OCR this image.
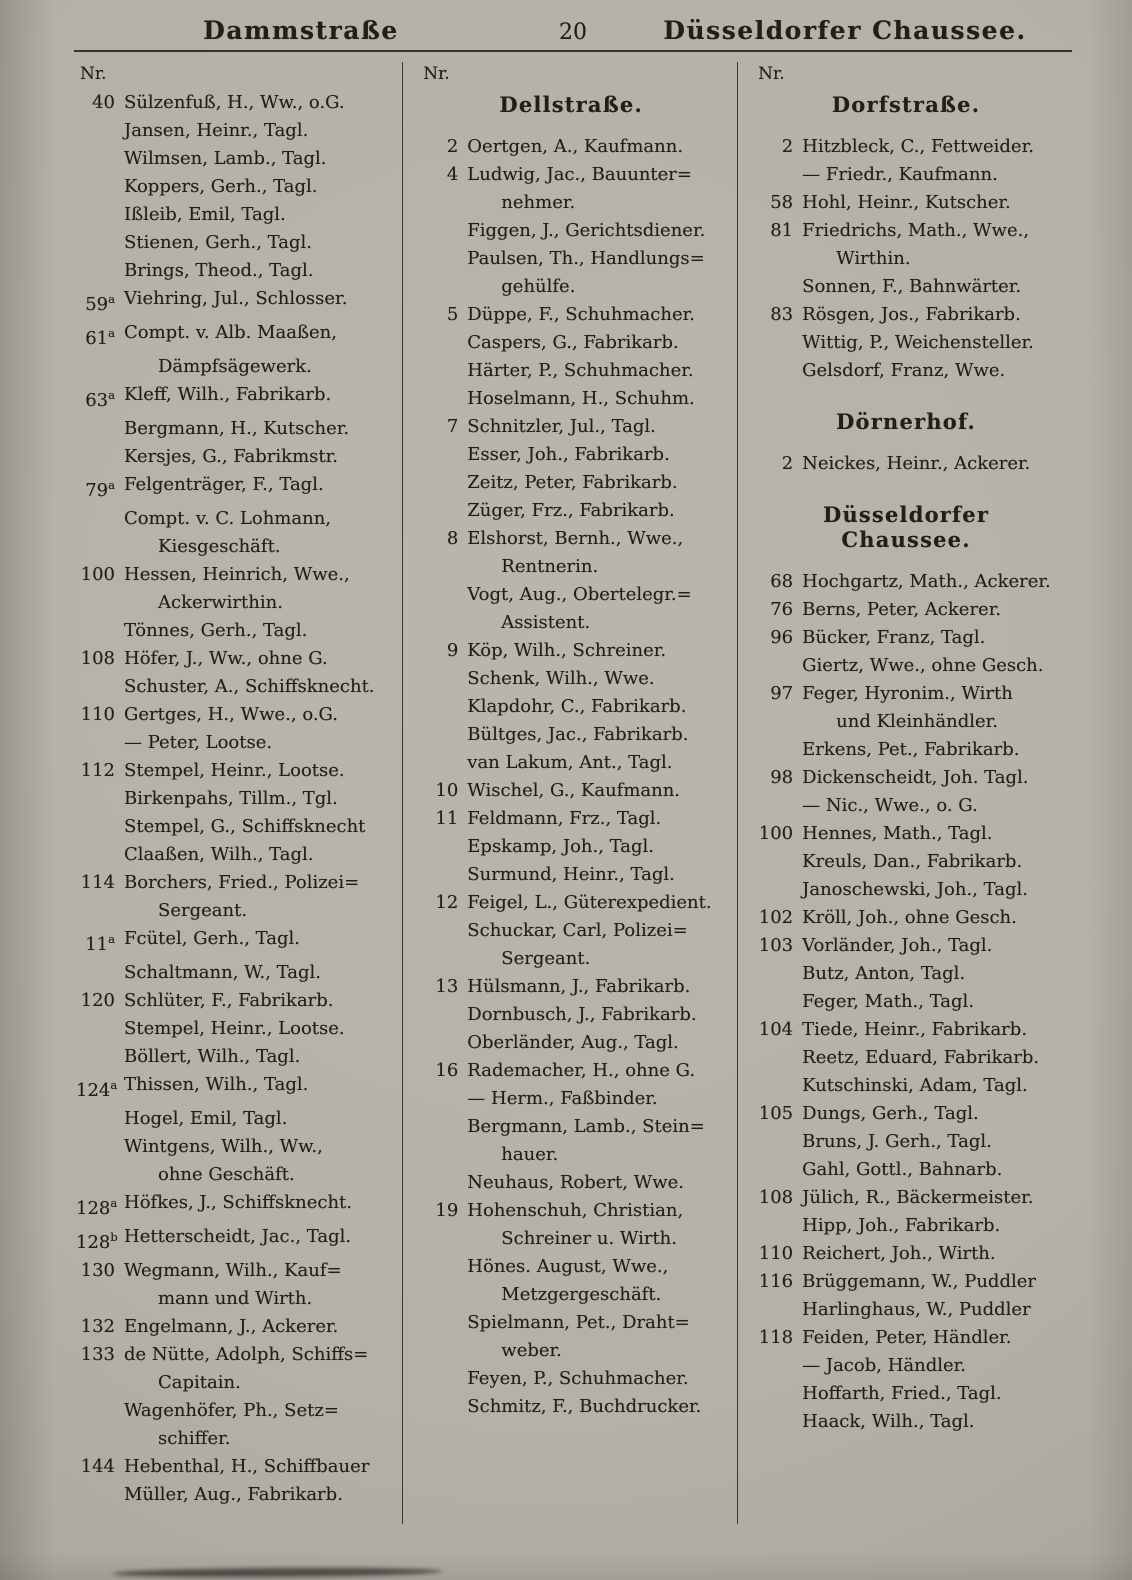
Dammstraße	20	Düsseldorfer Chaussee.
Nr.
40 Sülzenfuß, H., Ww., o.G.
Jansen, Heinr., Tagl.
Wilmsen, Lamb., Tagl.
Koppers, Gerh., Tagl.
Ißleib, Emil, Tagl.
Stienen, Gerh., Tagl.
Brings, Theod., Tagl.
59$^a$ Viehring, Jul., Schlosser.
61$^a$ Compt. v. Alb. Maaßen,
Dämpfsägewerk.
63$^a$ Kleff, Wilh., Fabrikarb.
Bergmann, H., Kutscher.
Kersjes, G., Fabrikmstr.
79$^a$ Felgenträger, F., Tagl.
Compt. v. C. Lohmann,
Kiesgeschäft.
100 Hessen, Heinrich, Wwe.,
Ackerwirthin.
Tönnes, Gerh., Tagl.
108 Höfer, J., Ww., ohne G.
Schuster, A., Schiffsknecht.
110 Gertges, H., Wwe., o.G.
— Peter, Lootse.
112 Stempel, Heinr., Lootse.
Birkenpahs, Tillm., Tgl.
Stempel, G., Schiffsknecht
Claaßen, Wilh., Tagl.
114 Borchers, Fried., Polizei=
Sergeant.
11$^a$ Fcütel, Gerh., Tagl.
Schaltmann, W., Tagl.
120 Schlüter, F., Fabrikarb.
Stempel, Heinr., Lootse.
Böllert, Wilh., Tagl.
124$^a$ Thissen, Wilh., Tagl.
Hogel, Emil, Tagl.
Wintgens, Wilh., Ww.,
ohne Geschäft.
128$^a$ Höfkes, J., Schiffsknecht.
128$^b$ Hetterscheidt, Jac., Tagl.
130 Wegmann, Wilh., Kauf=
mann und Wirth.
132 Engelmann, J., Ackerer.
133 de Nütte, Adolph, Schiffs=
Capitain.
Wagenhöfer, Ph., Setz=
schiffer.
144 Hebenthal, H., Schiffbauer
Müller, Aug., Fabrikarb.
Nr.
Dellstraße.
2 Oertgen, A., Kaufmann.
4 Ludwig, Jac., Bauunter=
nehmer.
Figgen, J., Gerichtsdiener.
Paulsen, Th., Handlungs=
gehülfe.
5 Düppe, F., Schuhmacher.
Caspers, G., Fabrikarb.
Härter, P., Schuhmacher.
Hoselmann, H., Schuhm.
7 Schnitzler, Jul., Tagl.
Esser, Joh., Fabrikarb.
Zeitz, Peter, Fabrikarb.
Züger, Frz., Fabrikarb.
8 Elshorst, Bernh., Wwe.,
Rentnerin.
Vogt, Aug., Obertelegr.=
Assistent.
9 Köp, Wilh., Schreiner.
Schenk, Wilh., Wwe.
Klapdohr, C., Fabrikarb.
Bültges, Jac., Fabrikarb.
van Lakum, Ant., Tagl.
10 Wischel, G., Kaufmann.
11 Feldmann, Frz., Tagl.
Epskamp, Joh., Tagl.
Surmund, Heinr., Tagl.
12 Feigel, L., Güterexpedient.
Schuckar, Carl, Polizei=
Sergeant.
13 Hülsmann, J., Fabrikarb.
Dornbusch, J., Fabrikarb.
Oberländer, Aug., Tagl.
16 Rademacher, H., ohne G.
— Herm., Faßbinder.
Bergmann, Lamb., Stein=
hauer.
Neuhaus, Robert, Wwe.
19 Hohenschuh, Christian,
Schreiner u. Wirth.
Hönes. August, Wwe.,
Metzgergeschäft.
Spielmann, Pet., Draht=
weber.
Feyen, P., Schuhmacher.
Schmitz, F., Buchdrucker.
Nr.
Dorfstraße.
2 Hitzbleck, C., Fettweider.
— Friedr., Kaufmann.
58 Hohl, Heinr., Kutscher.
81 Friedrichs, Math., Wwe.,
Wirthin.
Sonnen, F., Bahnwärter.
83 Rösgen, Jos., Fabrikarb.
Wittig, P., Weichensteller.
Gelsdorf, Franz, Wwe.
Dörnerhof.
2 Neickes, Heinr., Ackerer.
Düsseldorfer Chaussee.
68 Hochgartz, Math., Ackerer.
76 Berns, Peter, Ackerer.
96 Bücker, Franz, Tagl.
Giertz, Wwe., ohne Gesch.
97 Feger, Hyronim., Wirth
und Kleinhändler.
Erkens, Pet., Fabrikarb.
98 Dickenscheidt, Joh. Tagl.
— Nic., Wwe., o. G.
100 Hennes, Math., Tagl.
Kreuls, Dan., Fabrikarb.
Janoschewski, Joh., Tagl.
102 Kröll, Joh., ohne Gesch.
103 Vorländer, Joh., Tagl.
Butz, Anton, Tagl.
Feger, Math., Tagl.
104 Tiede, Heinr., Fabrikarb.
Reetz, Eduard, Fabrikarb.
Kutschinski, Adam, Tagl.
105 Dungs, Gerh., Tagl.
Bruns, J. Gerh., Tagl.
Gahl, Gottl., Bahnarb.
108 Jülich, R., Bäckermeister.
Hipp, Joh., Fabrikarb.
110 Reichert, Joh., Wirth.
116 Brüggemann, W., Puddler
Harlinghaus, W., Puddler
118 Feiden, Peter, Händler.
— Jacob, Händler.
Hoffarth, Fried., Tagl.
Haack, Wilh., Tagl.
